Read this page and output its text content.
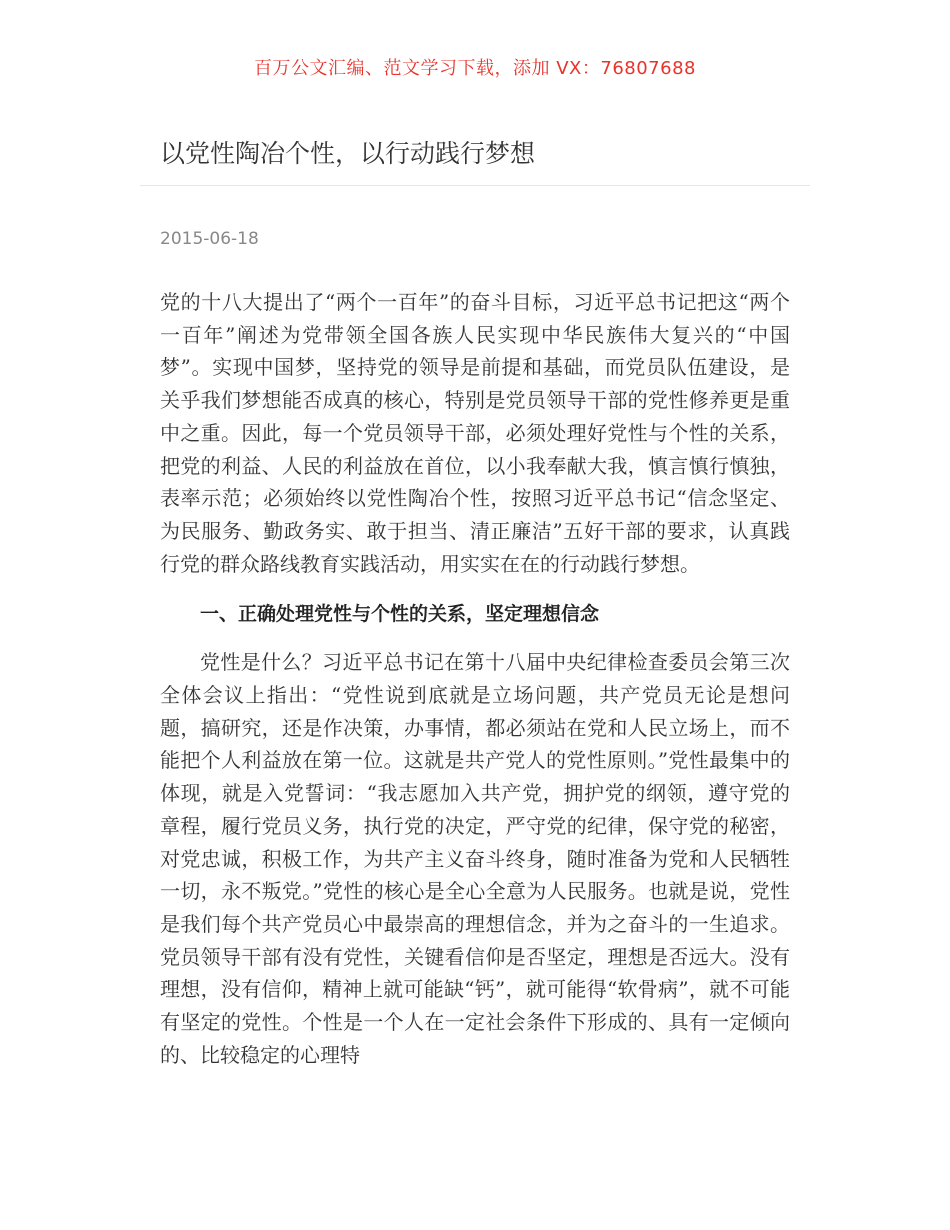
百万公文汇编、范文学习下载，添加 VX：76807688
以党性陶冶个性，以行动践行梦想
2015-06-18

党的十八大提出了“两个一百年”的奋斗目标，习近平总书记把这“两个一百年”阐述为党带领全国各族人民实现中华民族伟大复兴的“中国梦”。实现中国梦，坚持党的领导是前提和基础，而党员队伍建设，是关乎我们梦想能否成真的核心，特别是党员领导干部的党性修养更是重中之重。因此，每一个党员领导干部，必须处理好党性与个性的关系，把党的利益、人民的利益放在首位，以小我奉献大我，慎言慎行慎独，表率示范；必须始终以党性陶冶个性，按照习近平总书记“信念坚定、为民服务、勤政务实、敢于担当、清正廉洁”五好干部的要求，认真践行党的群众路线教育实践活动，用实实在在的行动践行梦想。

一、正确处理党性与个性的关系，坚定理想信念

党性是什么？习近平总书记在第十八届中央纪律检查委员会第三次全体会议上指出：“党性说到底就是立场问题，共产党员无论是想问题，搞研究，还是作决策，办事情，都必须站在党和人民立场上，而不能把个人利益放在第一位。这就是共产党人的党性原则。”党性最集中的体现，就是入党誓词：“我志愿加入共产党，拥护党的纲领，遵守党的章程，履行党员义务，执行党的决定，严守党的纪律，保守党的秘密，对党忠诚，积极工作，为共产主义奋斗终身，随时准备为党和人民牺牲一切，永不叛党。”党性的核心是全心全意为人民服务。也就是说，党性是我们每个共产党员心中最崇高的理想信念，并为之奋斗的一生追求。党员领导干部有没有党性，关键看信仰是否坚定，理想是否远大。没有理想，没有信仰，精神上就可能缺“钙”，就可能得“软骨病”，就不可能有坚定的党性。个性是一个人在一定社会条件下形成的、具有一定倾向的、比较稳定的心理特
